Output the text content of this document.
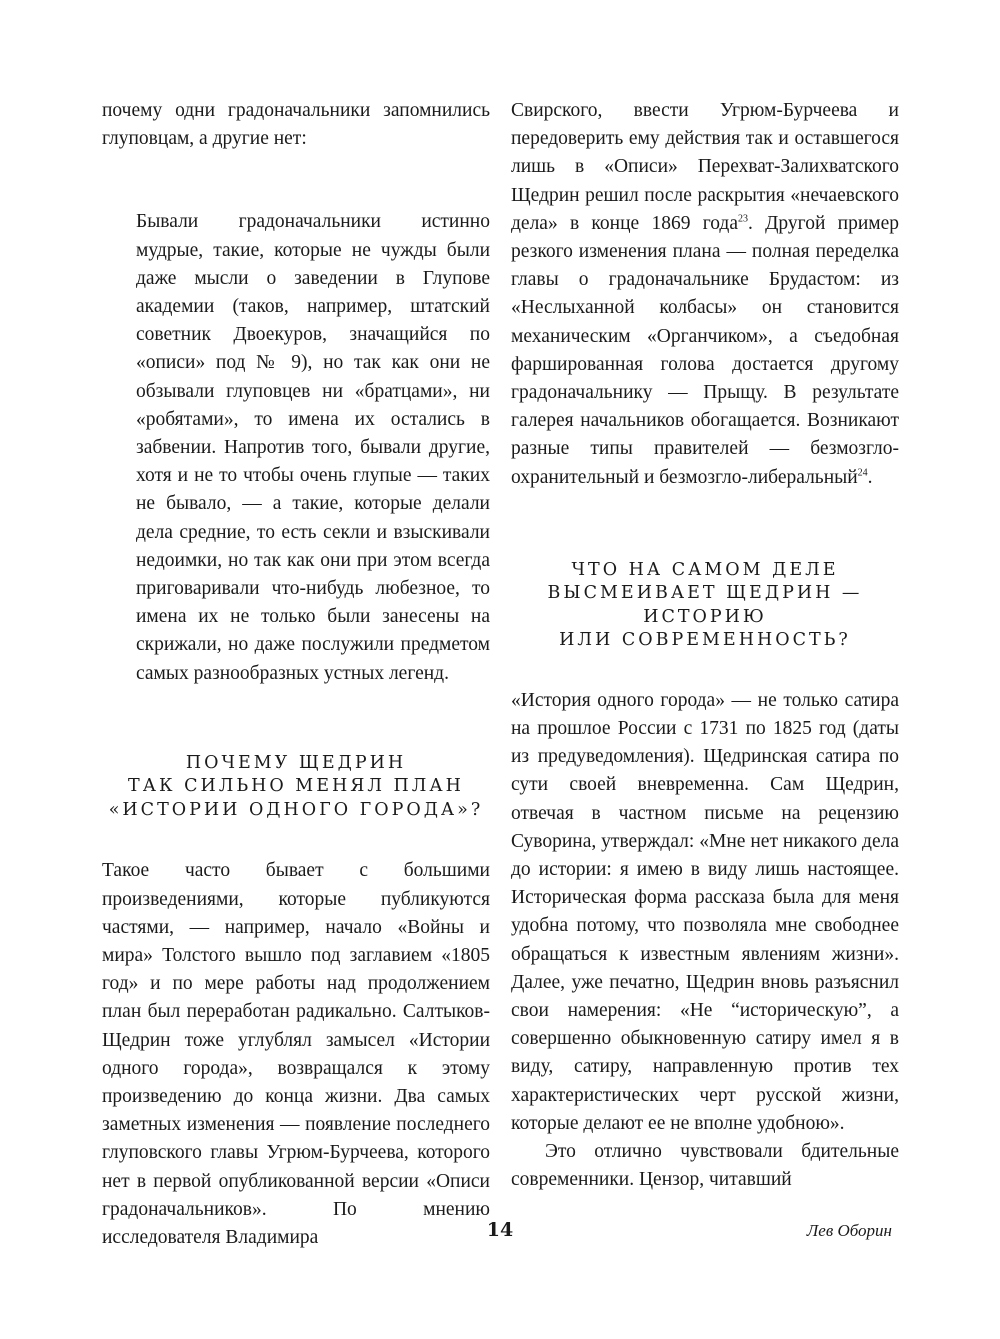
почему одни градоначальники запомнились глуповцам, а другие нет:

Бывали градоначальники истинно мудрые, такие, которые не чужды были даже мысли о заведении в Глупове академии (таков, например, штатский советник Двоекуров, значащийся по «описи» под № 9), но так как они не обзывали глуповцев ни «братцами», ни «робятами», то имена их остались в забвении. Напротив того, бывали другие, хотя и не то чтобы очень глупые — таких не бывало, — а такие, которые делали дела средние, то есть секли и взыскивали недоимки, но так как они при этом всегда приговаривали что-нибудь любезное, то имена их не только были занесены на скрижали, но даже послужили предметом самых разнообразных устных легенд.

ПОЧЕМУ ЩЕДРИН
ТАК СИЛЬНО МЕНЯЛ ПЛАН
«ИСТОРИИ ОДНОГО ГОРОДА»?

Такое часто бывает с большими произведениями, которые публикуются частями, — например, начало «Войны и мира» Толстого вышло под заглавием «1805 год» и по мере работы над продолжением план был переработан радикально. Салтыков-Щедрин тоже углублял замысел «Истории одного города», возвращался к этому произведению до конца жизни. Два самых заметных изменения — появление последнего глуповского главы Угрюм-Бурчеева, которого нет в первой опубликованной версии «Описи градоначальников». По мнению исследователя Владимира

Свирского, ввести Угрюм-Бурчеева и передоверить ему действия так и оставшегося лишь в «Описи» Перехват-Залихватского Щедрин решил после раскрытия «нечаевского дела» в конце 1869 года$^{23}$. Другой пример резкого изменения плана — полная переделка главы о градоначальнике Брудастом: из «Неслыханной колбасы» он становится механическим «Органчиком», а съедобная фаршированная голова достается другому градоначальнику — Прыщу. В результате галерея начальников обогащается. Возникают разные типы правителей — безмозгло-охранительный и безмозгло-либеральный$^{24}$.

ЧТО НА САМОМ ДЕЛЕ
ВЫСМЕИВАЕТ ЩЕДРИН —
ИСТОРИЮ
ИЛИ СОВРЕМЕННОСТЬ?

«История одного города» — не только сатира на прошлое России с 1731 по 1825 год (даты из предуведомления). Щедринская сатира по сути своей вневременна. Сам Щедрин, отвечая в частном письме на рецензию Суворина, утверждал: «Мне нет никакого дела до истории: я имею в виду лишь настоящее. Историческая форма рассказа была для меня удобна потому, что позволяла мне свободнее обращаться к известным явлениям жизни». Далее, уже печатно, Щедрин вновь разъяснил свои намерения: «Не “историческую”, а совершенно обыкновенную сатиру имел я в виду, сатиру, направленную против тех характеристических черт русской жизни, которые делают ее не вполне удобною».

Это отлично чувствовали бдительные современники. Цензор, читавший

14	Лев Оборин
